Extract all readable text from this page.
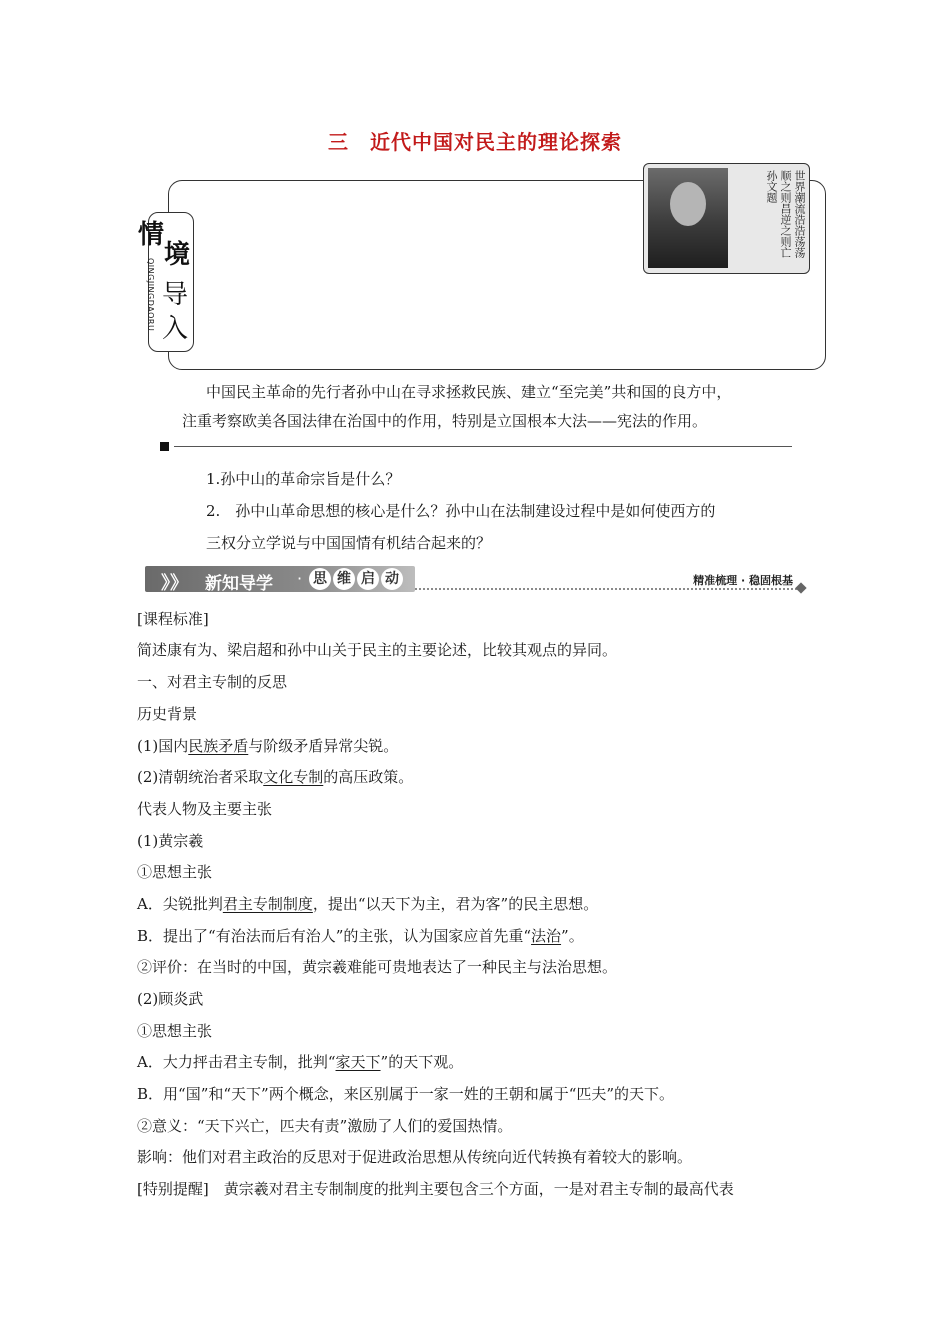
三　近代中国对民主的理论探索
情
境
QINGJINGDAORU 导
入
世界潮流浩浩荡荡顺之则昌逆之则亡孙文题
中国民主革命的先行者孙中山在寻求拯救民族、建立“至完美”共和国的良方中，
注重考察欧美各国法律在治国中的作用，特别是立国根本大法——宪法的作用。
1.孙中山的革命宗旨是什么？
2.　孙中山革命思想的核心是什么？孙中山在法制建设过程中是如何使西方的
三权分立学说与中国国情有机结合起来的？
》》 新知导学 · 思 维 启 动	精准梳理 · 稳固根基
[课程标准]
简述康有为、梁启超和孙中山关于民主的主要论述，比较其观点的异同。
一、对君主专制的反思
历史背景
(1)国内民族矛盾与阶级矛盾异常尖锐。
(2)清朝统治者采取文化专制的高压政策。
代表人物及主要主张
(1)黄宗羲
①思想主张
A．尖锐批判君主专制制度，提出“以天下为主，君为客”的民主思想。
B．提出了“有治法而后有治人”的主张，认为国家应首先重“法治”。
②评价：在当时的中国，黄宗羲难能可贵地表达了一种民主与法治思想。
(2)顾炎武
①思想主张
A．大力抨击君主专制，批判“家天下”的天下观。
B．用“国”和“天下”两个概念，来区别属于一家一姓的王朝和属于“匹夫”的天下。
②意义：“天下兴亡，匹夫有责”激励了人们的爱国热情。
影响：他们对君主政治的反思对于促进政治思想从传统向近代转换有着较大的影响。
[特别提醒]　黄宗羲对君主专制制度的批判主要包含三个方面，一是对君主专制的最高代表
